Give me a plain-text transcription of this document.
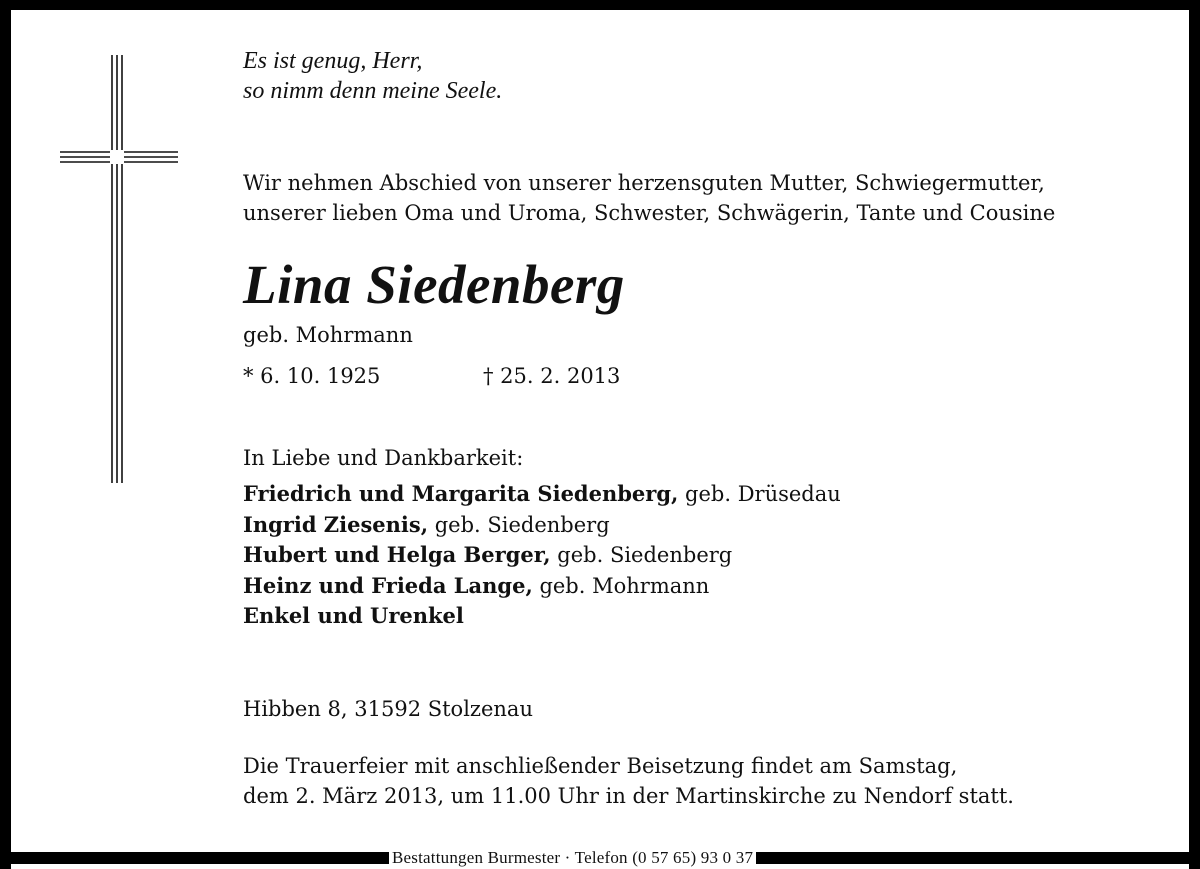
Bestattungen Burmester · Telefon (0 57 65) 93 0 37
Es ist genug, Herr,
so nimm denn meine Seele.
Wir nehmen Abschied von unserer herzensguten Mutter, Schwiegermutter,
unserer lieben Oma und Uroma, Schwester, Schwägerin, Tante und Cousine
Lina Siedenberg
geb. Mohrmann
* 6. 10. 1925	† 25. 2. 2013
In Liebe und Dankbarkeit:
Friedrich und Margarita Siedenberg, geb. Drüsedau
Ingrid Ziesenis, geb. Siedenberg
Hubert und Helga Berger, geb. Siedenberg
Heinz und Frieda Lange, geb. Mohrmann
Enkel und Urenkel
Hibben 8, 31592 Stolzenau
Die Trauerfeier mit anschließender Beisetzung findet am Samstag,
dem 2. März 2013, um 11.00 Uhr in der Martinskirche zu Nendorf statt.
